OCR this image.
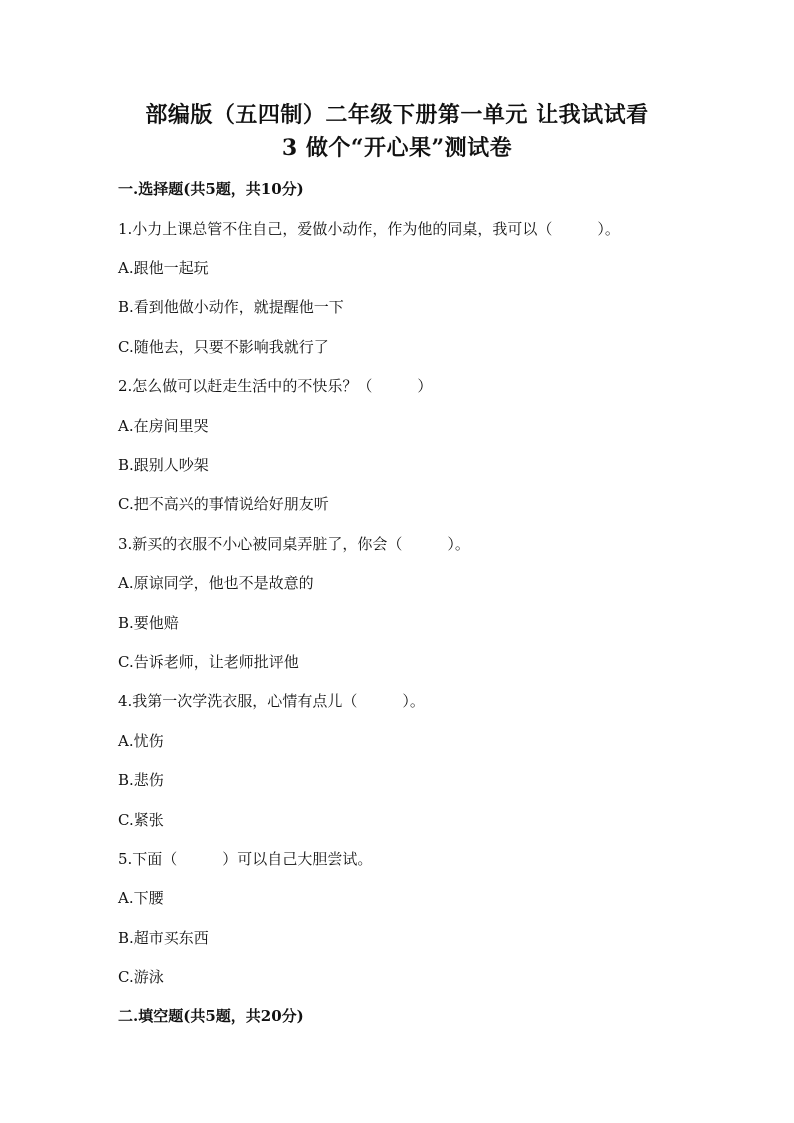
部编版（五四制）二年级下册第一单元 让我试试看
3 做个“开心果”测试卷
一.选择题(共5题，共10分)
1.小力上课总管不住自己，爱做小动作，作为他的同桌，我可以（　　　）。
A.跟他一起玩
B.看到他做小动作，就提醒他一下
C.随他去，只要不影响我就行了
2.怎么做可以赶走生活中的不快乐？（　　　）
A.在房间里哭
B.跟别人吵架
C.把不高兴的事情说给好朋友听
3.新买的衣服不小心被同桌弄脏了，你会（　　　）。
A.原谅同学，他也不是故意的
B.要他赔
C.告诉老师，让老师批评他
4.我第一次学洗衣服，心情有点儿（　　　）。
A.忧伤
B.悲伤
C.紧张
5.下面（　　　）可以自己大胆尝试。
A.下腰
B.超市买东西
C.游泳
二.填空题(共5题，共20分)
